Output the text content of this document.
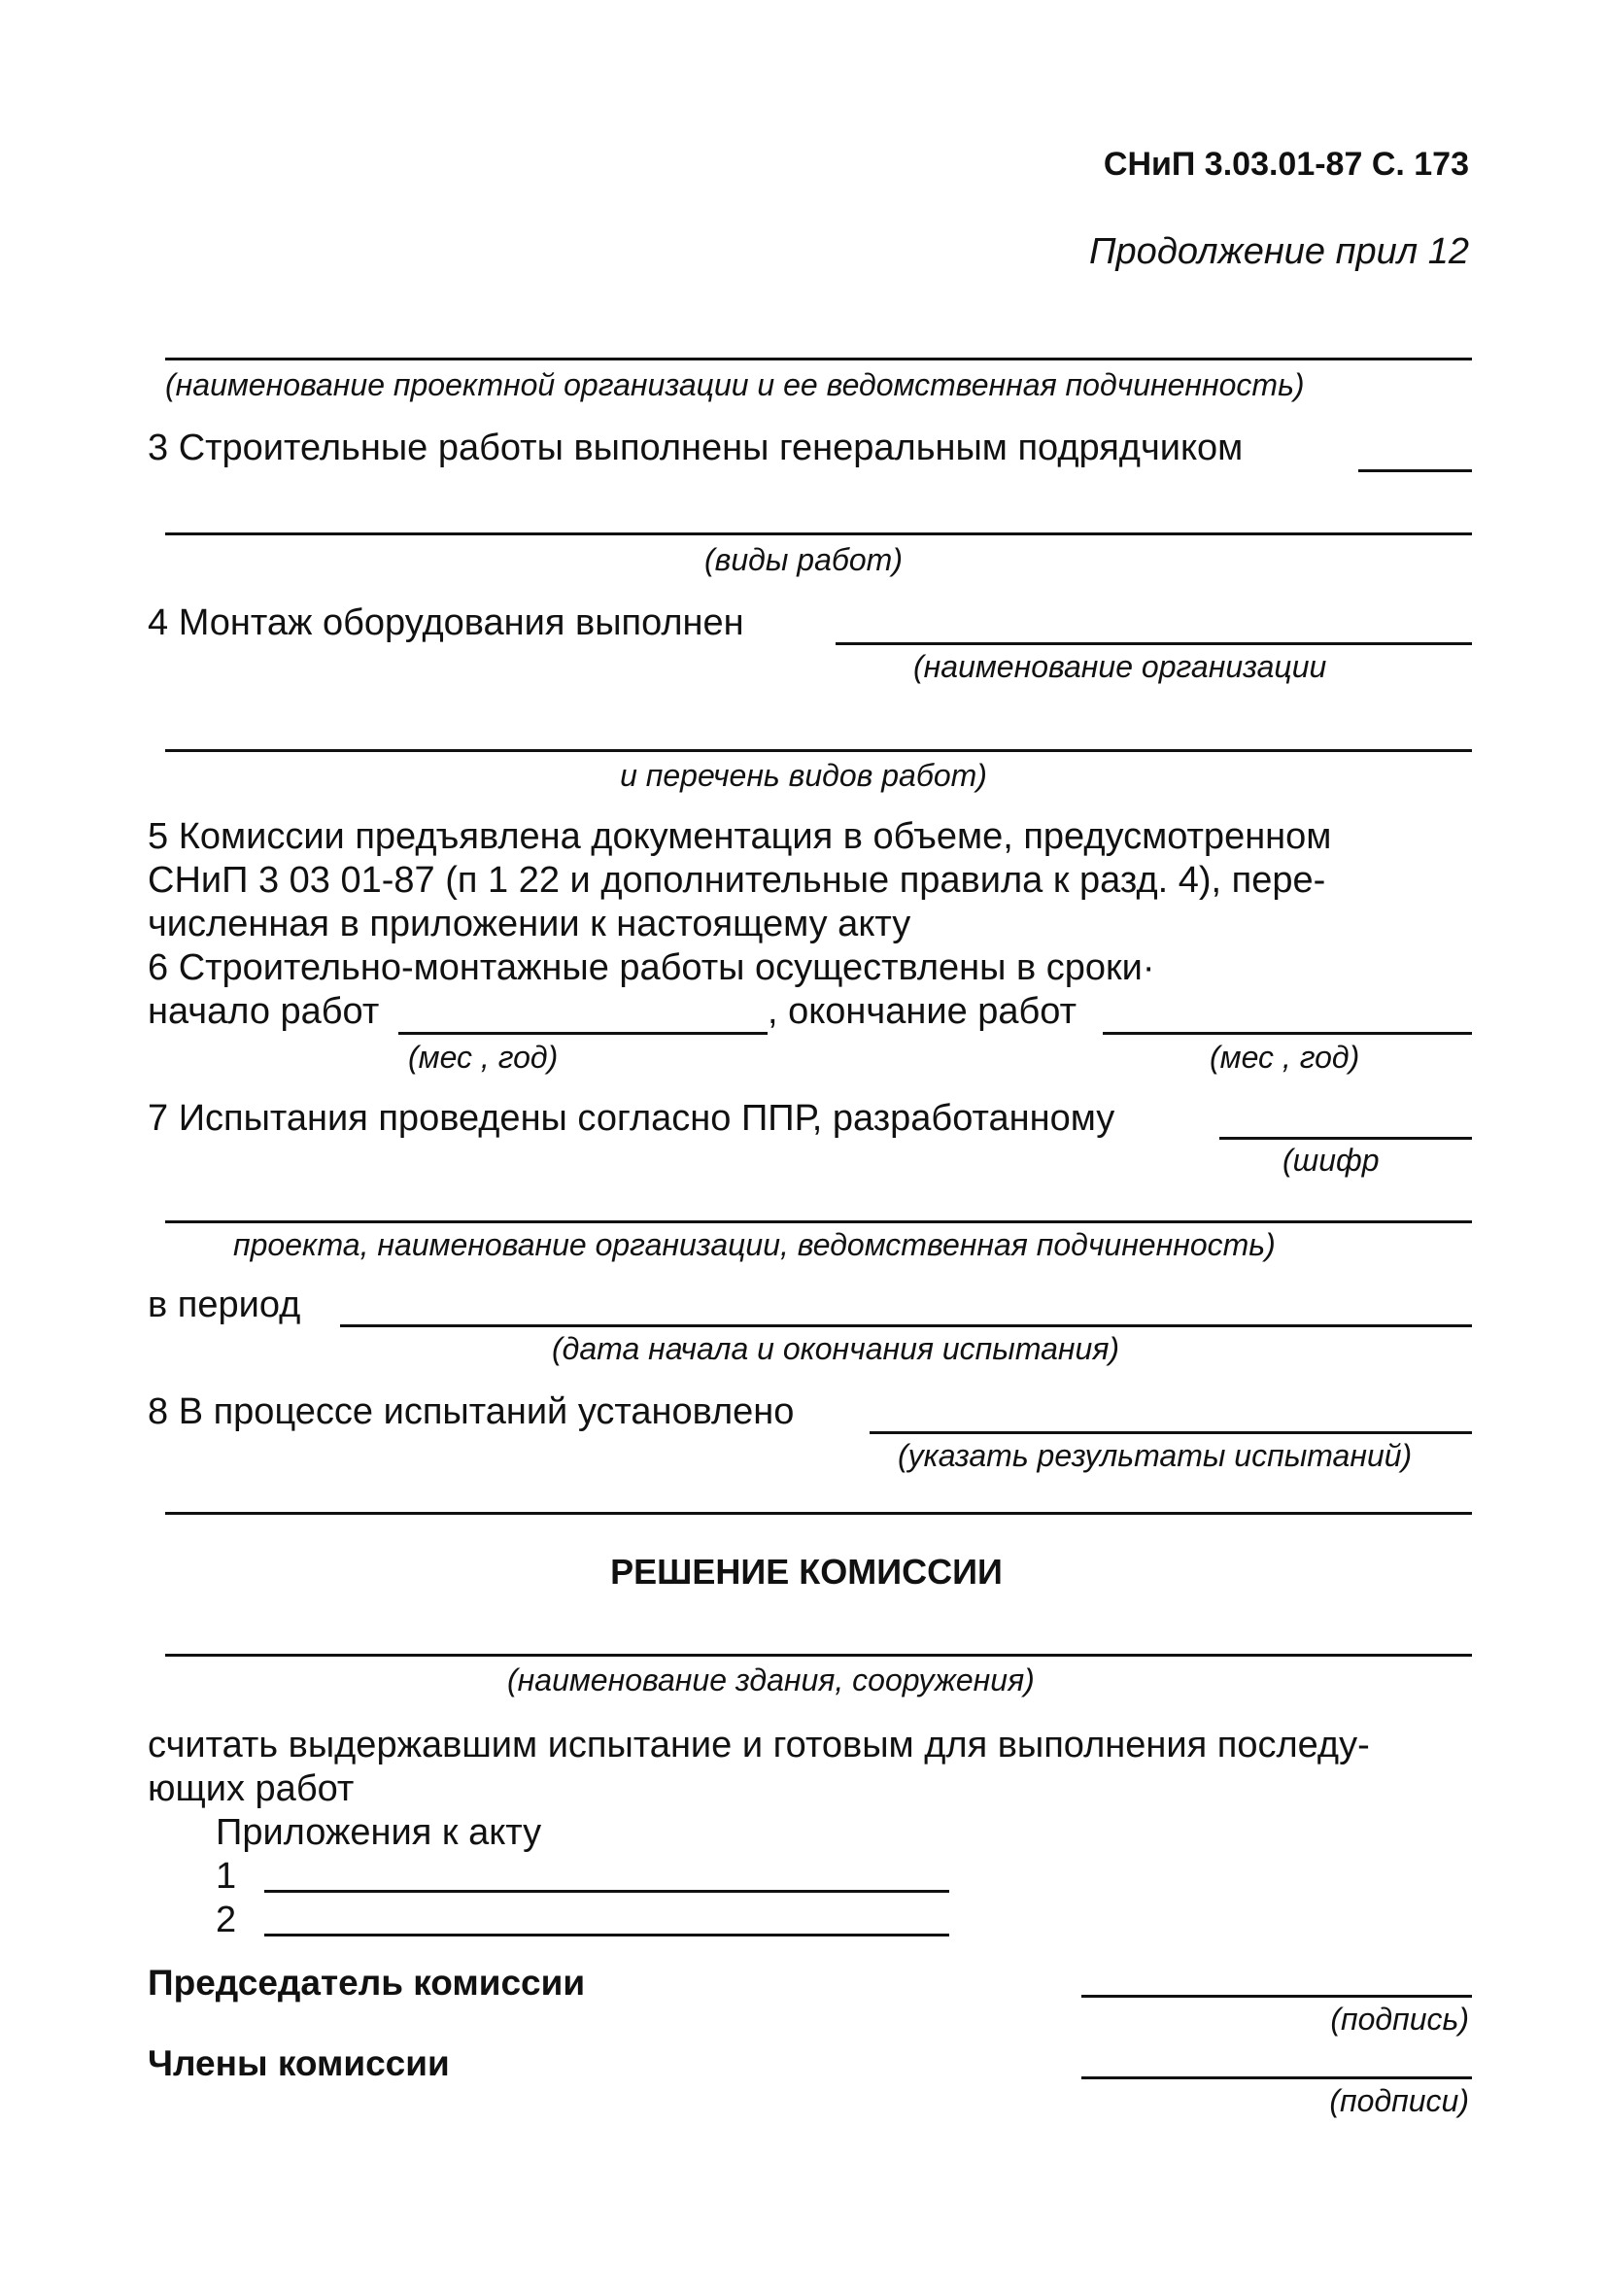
СНиП 3.03.01-87 С. 173
Продолжение прил 12
(наименование проектной организации и ее ведомственная подчиненность)
3 Строительные работы выполнены генеральным подрядчиком
(виды работ)
4 Монтаж оборудования выполнен
(наименование организации
и перечень видов работ)
5 Комиссии предъявлена документация в объеме, предусмотренном
СНиП 3 03 01-87 (п 1 22 и дополнительные правила к разд. 4), пере-
численная в приложении к настоящему акту
6 Строительно-монтажные работы осуществлены в сроки·
начало работ	, окончание работ
(мес , год)	(мес , год)
7 Испытания проведены согласно ППР, разработанному
(шифр
проекта, наименование организации, ведомственная подчиненность)
в период
(дата начала и окончания испытания)
8 В процессе испытаний установлено
(указать результаты испытаний)
РЕШЕНИЕ КОМИССИИ
(наименование здания, сооружения)
считать выдержавшим испытание и готовым для выполнения последу-
ющих работ
Приложения к акту
1
2
Председатель комиссии
(подпись)
Члены комиссии
(подписи)
